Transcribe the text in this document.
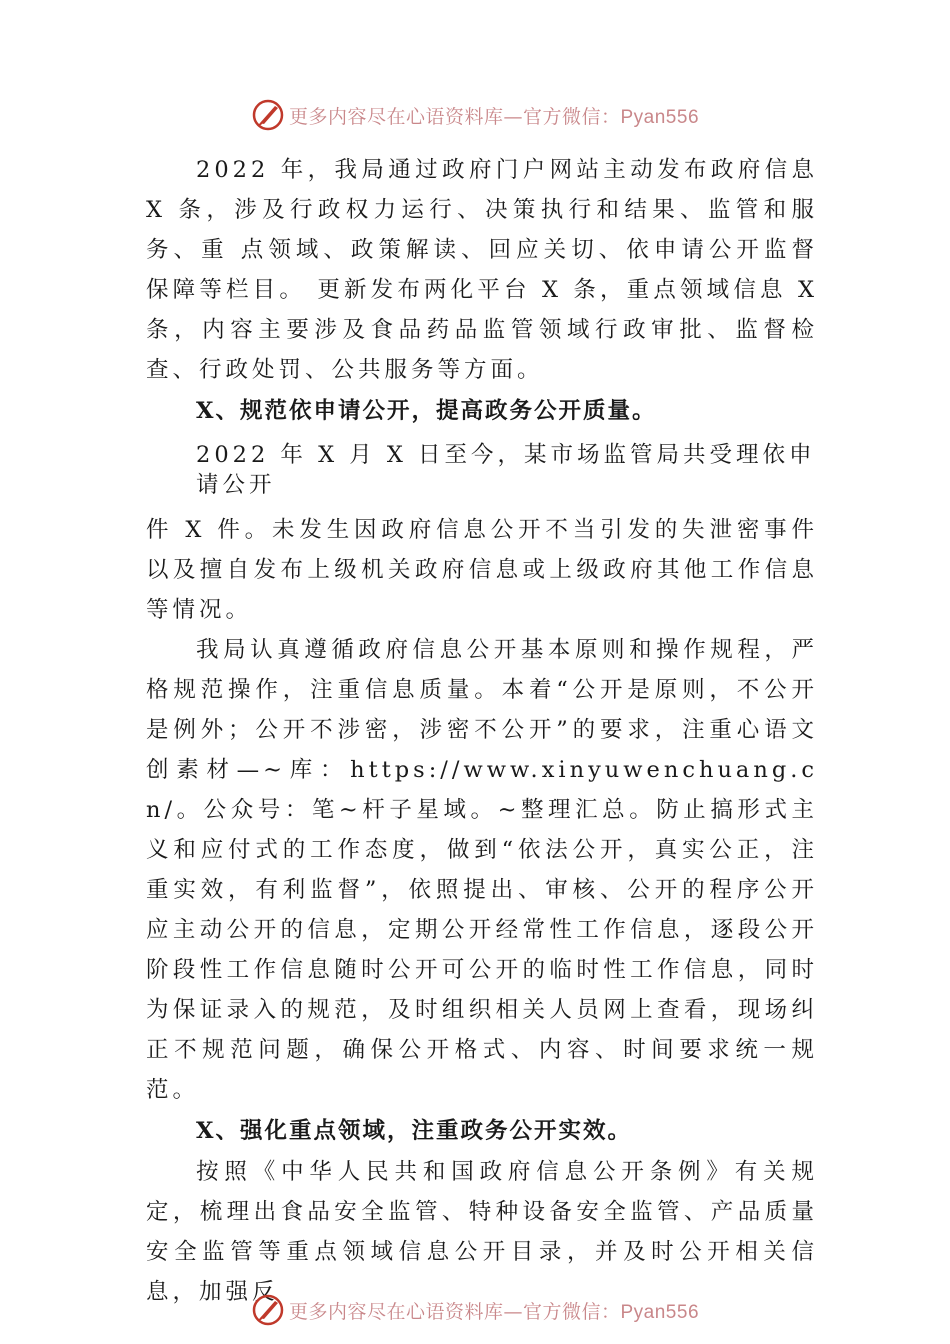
更多内容尽在心语资料库—官方微信：Pyan556

2022 年，我局通过政府门户网站主动发布政府信息 X 条，涉及行政权力运行、决策执行和结果、监管和服务、重 点领域、政策解读、回应关切、依申请公开监督保障等栏目。 更新发布两化平台 X 条，重点领域信息 X 条，内容主要涉及食品药品监管领域行政审批、监督检查、行政处罚、公共服务等方面。

X、规范依申请公开，提高政务公开质量。

2022 年 X 月 X 日至今，某市场监管局共受理依申请公开

件 X 件。未发生因政府信息公开不当引发的失泄密事件以及擅自发布上级机关政府信息或上级政府其他工作信息等情况。

我局认真遵循政府信息公开基本原则和操作规程，严格规范操作，注重信息质量。本着“公开是原则，不公开是例外；公开不涉密，涉密不公开”的要求，注重心语文创素材—~库：https://www.xinyuwenchuang.cn/。公众号：笔~杆子星域。~整理汇总。防止搞形式主义和应付式的工作态度，做到“依法公开，真实公正，注重实效，有利监督”，依照提出、审核、公开的程序公开应主动公开的信息，定期公开经常性工作信息，逐段公开阶段性工作信息随时公开可公开的临时性工作信息，同时为保证录入的规范，及时组织相关人员网上查看，现场纠正不规范问题，确保公开格式、内容、时间要求统一规范。

X、强化重点领域，注重政务公开实效。

按照《中华人民共和国政府信息公开条例》有关规定，梳理出食品安全监管、特种设备安全监管、产品质量安全监管等重点领域信息公开目录，并及时公开相关信息，加强反

更多内容尽在心语资料库—官方微信：Pyan556
